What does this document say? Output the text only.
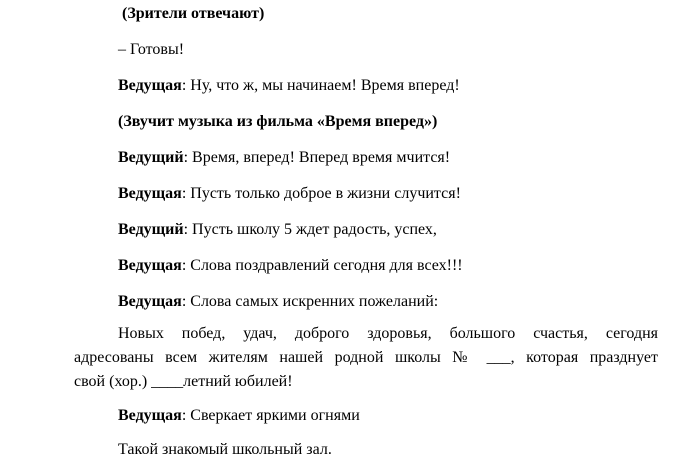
(Зрители отвечают)
– Готовы!
Ведущая: Ну, что ж, мы начинаем! Время вперед!
(Звучит музыка из фильма «Время вперед»)
Ведущий: Время, вперед! Вперед время мчится!
Ведущая: Пусть только доброе в жизни случится!
Ведущий: Пусть школу 5 ждет радость, успех,
Ведущая: Слова поздравлений сегодня для всех!!!
Ведущая: Слова самых искренних пожеланий:
Новых побед, удач, доброго здоровья, большого счастья, сегодня
адресованы всем жителям нашей родной школы № ___, которая празднует
свой (хор.) ____летний юбилей!
Ведущая: Сверкает яркими огнями
Такой знакомый школьный зал.
